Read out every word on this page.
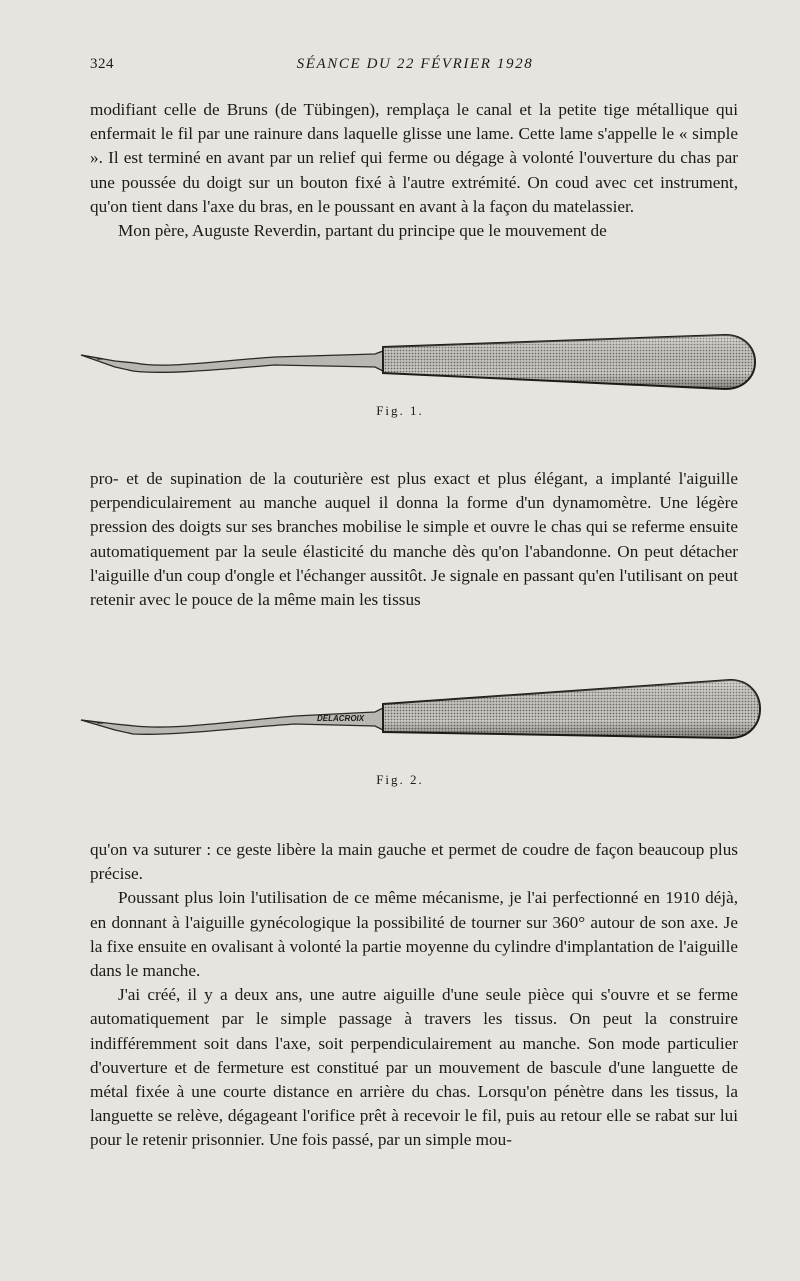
324	SÉANCE DU 22 FÉVRIER 1928

modifiant celle de Bruns (de Tübingen), remplaça le canal et la petite tige métallique qui enfermait le fil par une rainure dans laquelle glisse une lame. Cette lame s'appelle le « simple ». Il est terminé en avant par un relief qui ferme ou dégage à volonté l'ouverture du chas par une poussée du doigt sur un bouton fixé à l'autre extrémité. On coud avec cet instrument, qu'on tient dans l'axe du bras, en le poussant en avant à la façon du matelassier.

Mon père, Auguste Reverdin, partant du principe que le mouvement de

Fig. 1.

pro- et de supination de la couturière est plus exact et plus élégant, a implanté l'aiguille perpendiculairement au manche auquel il donna la forme d'un dynamomètre. Une légère pression des doigts sur ses branches mobilise le simple et ouvre le chas qui se referme ensuite automatiquement par la seule élasticité du manche dès qu'on l'abandonne. On peut détacher l'aiguille d'un coup d'ongle et l'échanger aussitôt. Je signale en passant qu'en l'utilisant on peut retenir avec le pouce de la même main les tissus

DELACROIX
Fig. 2.

qu'on va suturer : ce geste libère la main gauche et permet de coudre de façon beaucoup plus précise.

Poussant plus loin l'utilisation de ce même mécanisme, je l'ai perfectionné en 1910 déjà, en donnant à l'aiguille gynécologique la possibilité de tourner sur 360° autour de son axe. Je la fixe ensuite en ovalisant à volonté la partie moyenne du cylindre d'implantation de l'aiguille dans le manche.

J'ai créé, il y a deux ans, une autre aiguille d'une seule pièce qui s'ouvre et se ferme automatiquement par le simple passage à travers les tissus. On peut la construire indifféremment soit dans l'axe, soit perpendiculairement au manche. Son mode particulier d'ouverture et de fermeture est constitué par un mouvement de bascule d'une languette de métal fixée à une courte distance en arrière du chas. Lorsqu'on pénètre dans les tissus, la languette se relève, dégageant l'orifice prêt à recevoir le fil, puis au retour elle se rabat sur lui pour le retenir prisonnier. Une fois passé, par un simple mou-
